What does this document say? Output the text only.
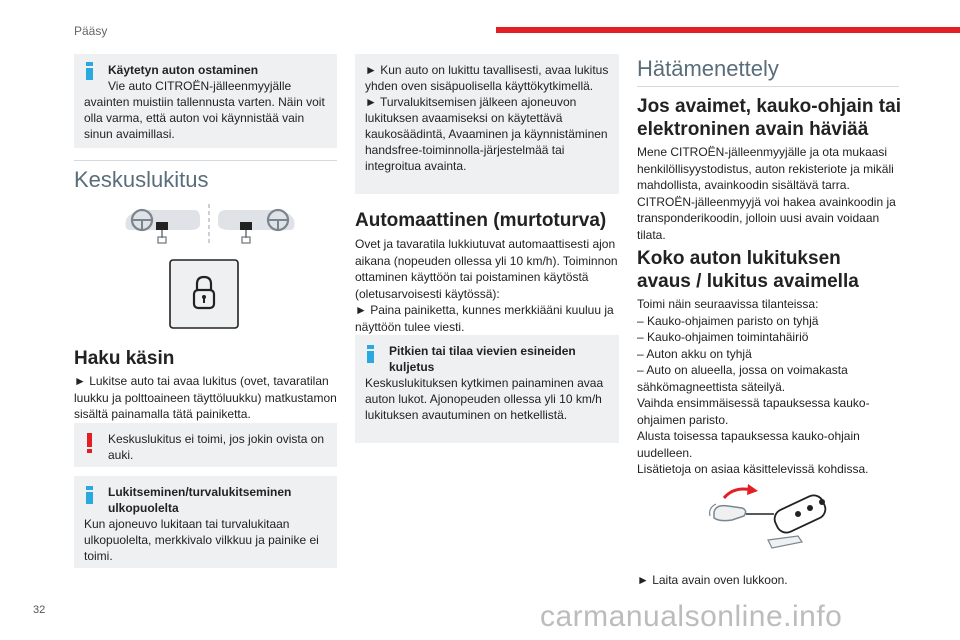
Pääsy

Käytetyn auton ostaminen

Vie auto CITROËN-jälleenmyyjälle

avainten muistiin tallennusta varten. Näin voit olla varma, että auton voi käynnistää vain sinun avaimillasi.

Keskuslukitus
Haku käsin

► Lukitse auto tai avaa lukitus (ovet, tavaratilan luukku ja polttoaineen täyttöluukku) matkustamon sisältä painamalla tätä painiketta.

Keskuslukitus ei toimi, jos jokin ovista on auki.

Lukitseminen/turvalukitseminen ulkopuolelta

Kun ajoneuvo lukitaan tai turvalukitaan ulkopuolelta, merkkivalo vilkkuu ja painike ei toimi.

► Kun auto on lukittu tavallisesti, avaa lukitus yhden oven sisäpuolisella käyttökytkimellä.

► Turvalukitsemisen jälkeen ajoneuvon lukituksen avaamiseksi on käytettävä kaukosäädintä, Avaaminen ja käynnistäminen handsfree-toiminnolla-järjestelmää tai integroitua avainta.

Automaattinen (murtoturva)

Ovet ja tavaratila lukkiutuvat automaattisesti ajon aikana (nopeuden ollessa yli 10 km/h). Toiminnon ottaminen käyttöön tai poistaminen käytöstä (oletusarvoisesti käytössä):

► Paina painiketta, kunnes merkkiääni kuuluu ja näyttöön tulee viesti.

Pitkien tai tilaa vievien esineiden kuljetus

Keskuslukituksen kytkimen painaminen avaa auton lukot. Ajonopeuden ollessa yli 10 km/h lukituksen avautuminen on hetkellistä.

Hätämenettely
Jos avaimet, kauko-ohjain tai elektroninen avain häviää

Mene CITROËN-jälleenmyyjälle ja ota mukaasi henkilöllisyystodistus, auton rekisteriote ja mikäli mahdollista, avainkoodin sisältävä tarra. CITROËN-jälleenmyyjä voi hakea avainkoodin ja transponderikoodin, jolloin uusi avain voidaan tilata.

Koko auton lukituksen avaus / lukitus avaimella

Toimi näin seuraavissa tilanteissa:

– Kauko-ohjaimen paristo on tyhjä

– Kauko-ohjaimen toimintahäiriö

– Auton akku on tyhjä

– Auto on alueella, jossa on voimakasta sähkömagneettista säteilyä.

Vaihda ensimmäisessä tapauksessa kauko-ohjaimen paristo.

Alusta toisessa tapauksessa kauko-ohjain uudelleen.

Lisätietoja on asiaa käsittelevissä kohdissa.

► Laita avain oven lukkoon.

32	carmanualsonline.info
